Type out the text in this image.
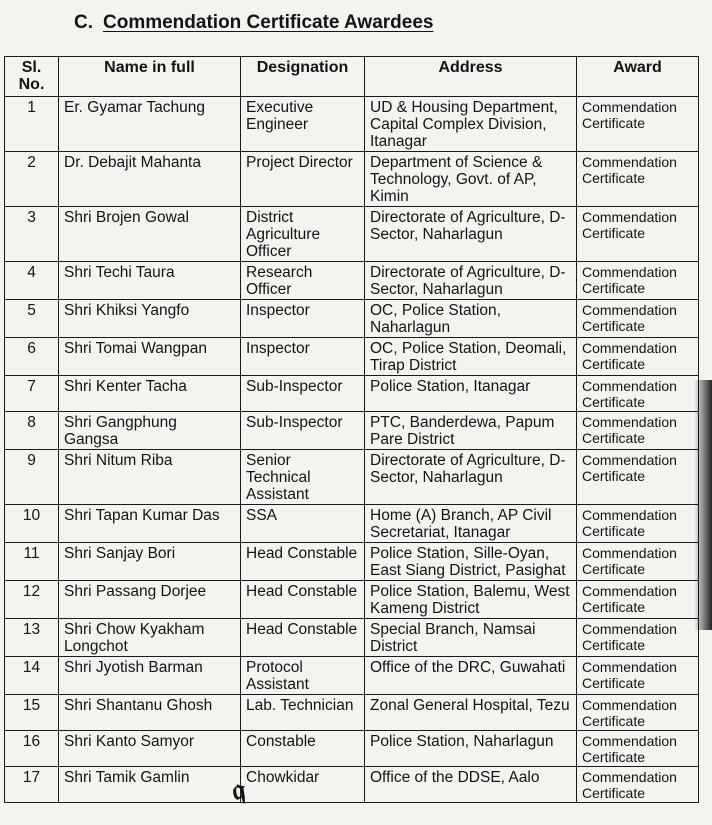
C. Commendation Certificate Awardees
Sl. No.	Name in full	Designation	Address	Award
1	Er. Gyamar Tachung	Executive Engineer	UD & Housing Department, Capital Complex Division, Itanagar	Commendation Certificate
2	Dr. Debajit Mahanta	Project Director	Department of Science & Technology, Govt. of AP, Kimin	Commendation Certificate
3	Shri Brojen Gowal	District Agriculture Officer	Directorate of Agriculture, D- Sector, Naharlagun	Commendation Certificate
4	Shri Techi Taura	Research Officer	Directorate of Agriculture, D- Sector, Naharlagun	Commendation Certificate
5	Shri Khiksi Yangfo	Inspector	OC, Police Station, Naharlagun	Commendation Certificate
6	Shri Tomai Wangpan	Inspector	OC, Police Station, Deomali, Tirap District	Commendation Certificate
7	Shri Kenter Tacha	Sub-Inspector	Police Station, Itanagar	Commendation Certificate
8	Shri Gangphung Gangsa	Sub-Inspector	PTC, Banderdewa, Papum Pare District	Commendation Certificate
9	Shri Nitum Riba	Senior Technical Assistant	Directorate of Agriculture, D- Sector, Naharlagun	Commendation Certificate
10	Shri Tapan Kumar Das	SSA	Home (A) Branch, AP Civil Secretariat, Itanagar	Commendation Certificate
11	Shri Sanjay Bori	Head Constable	Police Station, Sille-Oyan, East Siang District, Pasighat	Commendation Certificate
12	Shri Passang Dorjee	Head Constable	Police Station, Balemu, West Kameng District	Commendation Certificate
13	Shri Chow Kyakham Longchot	Head Constable	Special Branch, Namsai District	Commendation Certificate
14	Shri Jyotish Barman	Protocol Assistant	Office of the DRC, Guwahati	Commendation Certificate
15	Shri Shantanu Ghosh	Lab. Technician	Zonal General Hospital, Tezu	Commendation Certificate
16	Shri Kanto Samyor	Constable	Police Station, Naharlagun	Commendation Certificate
17	Shri Tamik Gamlin	Chowkidar	Office of the DDSE, Aalo	Commendation Certificate
𝔮
